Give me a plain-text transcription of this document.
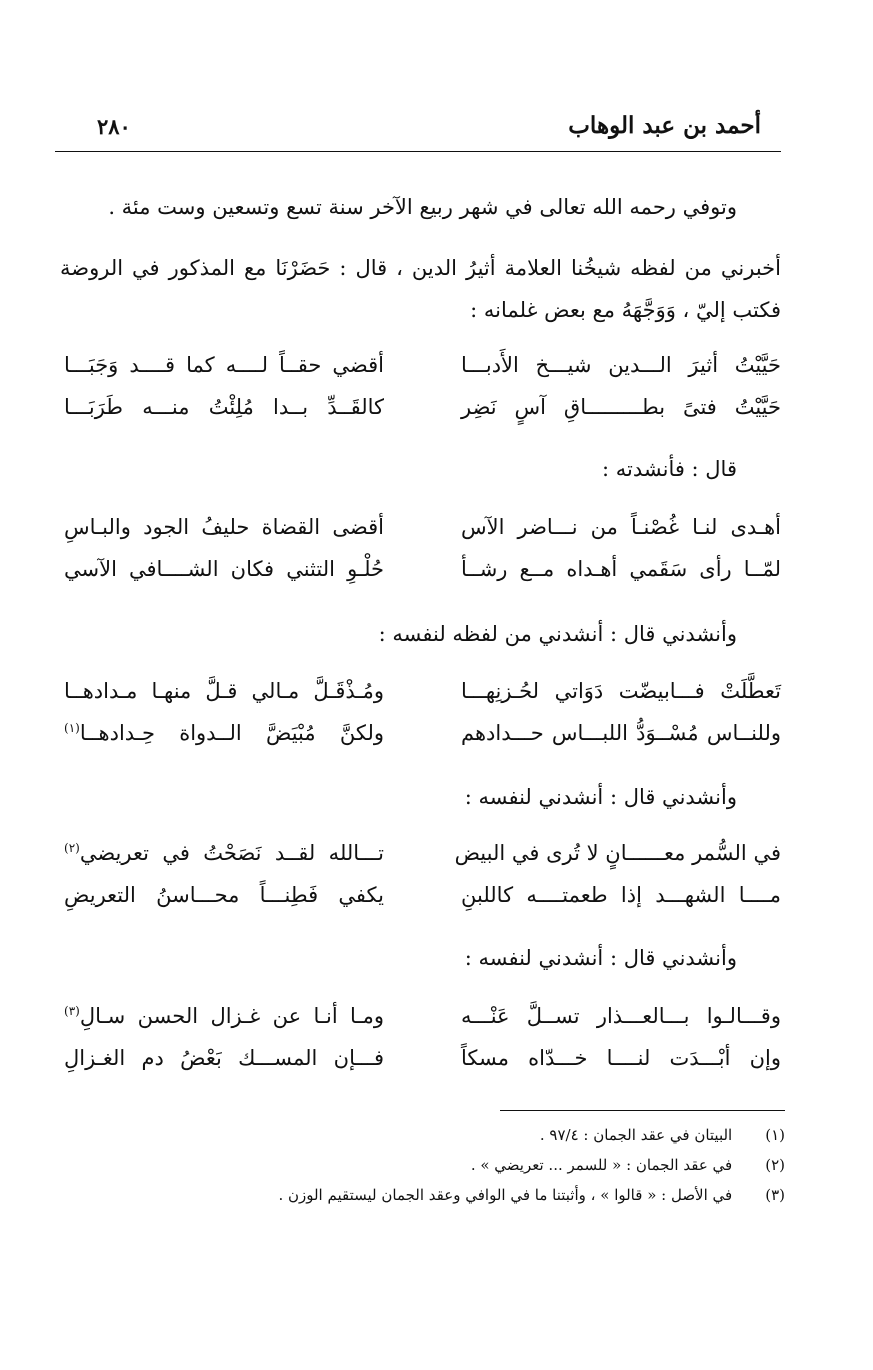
أحمد بن عبد الوهاب
٢٨٠
وتوفي رحمه الله تعالى في شهر ربيع الآخر سنة تسع وتسعين وست مئة .
أخبرني من لفظه شيخُنا العلامة أثيرُ الدين ، قال : حَضَرْنَا مع المذكور في الروضة فكتب إليّ ، وَوَجَّهَهُ مع بعض غلمانه :
حَيَّيْتُ أثيرَ الـــدين شيـــخ الأَدبـــا
أقضي حقــاً لــــه كما قــــد وَجَبَـــا
حَيَّيْتُ فتىً بطـــــــــاقِ آسٍ نَضِر
كالقَــدِّ بــدا مُلِئْتُ منـــه طَرَبَـــا
قال : فأنشدته :
أهـدى لنـا غُصْنـاً من نـــاضر الآس
أقضى القضاة حليفُ الجود والبـاسِ
لمّــا رأى سَقَمي أهـداه مــع رشــأ
حُلْـوِ التثني فكان الشــــافي الآسي
وأنشدني قال : أنشدني من لفظه لنفسه :
تَعطَّلَتْ فـــابيضّت دَوَاتي لحُـزنِهـــا
ومُـذْقَـلَّ مـالي قـلَّ منهـا مـدادهــا
وللنــاس مُسْــوَدُّ اللبـــاس حـــدادهم
ولكنَّ مُبْيَضَّ الــدواة حِـدادهــا$^{(١)}$
وأنشدني قال : أنشدني لنفسه :
في السُّمر معــــــانٍ لا تُرى في البيض
تـــالله لقــد نَصَحْتُ في تعريضي$^{(٢)}$
مــــا الشهـــد إذا طعمتــــه كاللبنِ
يكفي فَطِنـــاً محـــاسنُ التعريضِ
وأنشدني قال : أنشدني لنفسه :
وقـــالـوا بـــالعـــذار تســلَّ عَنْـــه
ومـا أنـا عن غـزال الحسن سـالِ$^{(٣)}$
وإن أبْـــدَت لنــــا خـــدّاه مسكاً
فـــإن المســـك بَعْضُ دم الغـزالِ
(١) البيتان في عقد الجمان : ٩٧/٤ .
(٢) في عقد الجمان : « للسمر ... تعريضي » .
(٣) في الأصل : « قالوا » ، وأثبتنا ما في الوافي وعقد الجمان ليستقيم الوزن .
